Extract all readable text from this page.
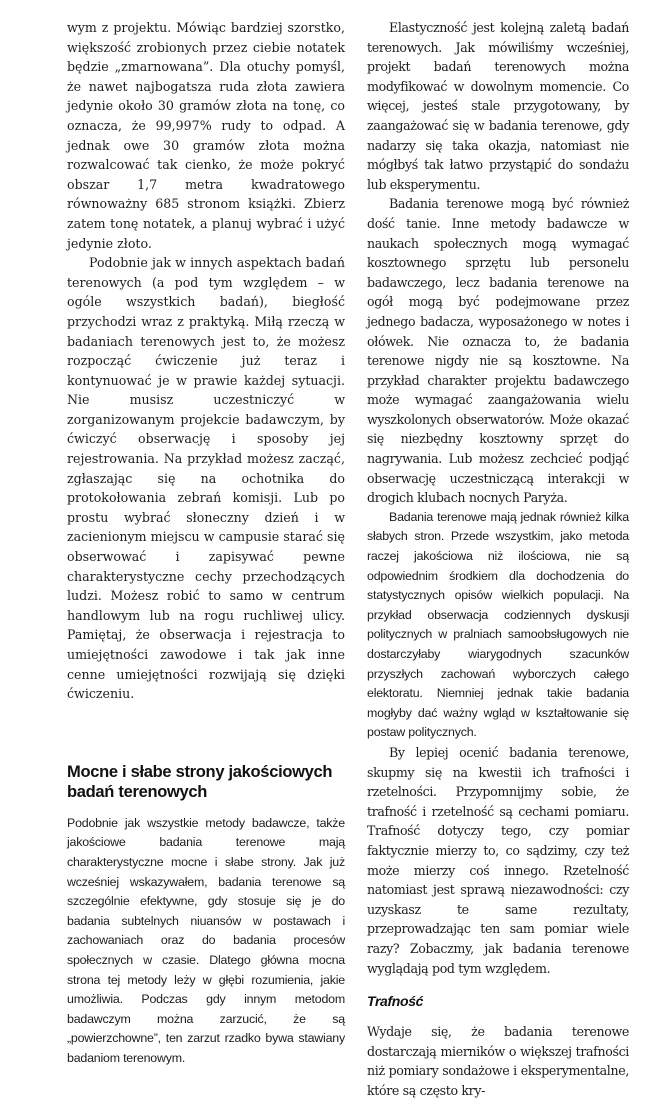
wym z projektu. Mówiąc bardziej szorstko, większość zrobionych przez ciebie notatek będzie „zmarnowana”. Dla otuchy pomyśl, że nawet najbogatsza ruda złota zawiera jedynie około 30 gramów złota na tonę, co oznacza, że 99,997% rudy to odpad. A jednak owe 30 gramów złota można rozwalcować tak cienko, że może pokryć obszar 1,7 metra kwadratowego równoważny 685 stronom książki. Zbierz zatem tonę notatek, a planuj wybrać i użyć jedynie złoto.

Podobnie jak w innych aspektach badań terenowych (a pod tym względem – w ogóle wszystkich badań), biegłość przychodzi wraz z praktyką. Miłą rzeczą w badaniach terenowych jest to, że możesz rozpocząć ćwiczenie już teraz i kontynuować je w prawie każdej sytuacji. Nie musisz uczestniczyć w zorganizowanym projekcie badawczym, by ćwiczyć obserwację i sposoby jej rejestrowania. Na przykład możesz zacząć, zgłaszając się na ochotnika do protokołowania zebrań komisji. Lub po prostu wybrać słoneczny dzień i w zacienionym miejscu w campusie starać się obserwować i zapisywać pewne charakterystyczne cechy przechodzących ludzi. Możesz robić to samo w centrum handlowym lub na rogu ruchliwej ulicy. Pamiętaj, że obserwacja i rejestracja to umiejętności zawodowe i tak jak inne cenne umiejętności rozwijają się dzięki ćwiczeniu.

Mocne i słabe strony jakościowych badań terenowych

Podobnie jak wszystkie metody badawcze, także jakościowe badania terenowe mają charakterystyczne mocne i słabe strony. Jak już wcześniej wskazywałem, badania terenowe są szczególnie efektywne, gdy stosuje się je do badania subtelnych niuansów w postawach i zachowaniach oraz do badania procesów społecznych w czasie. Dlatego główna mocna strona tej metody leży w głębi rozumienia, jakie umożliwia. Podczas gdy innym metodom badawczym można zarzucić, że są „powierzchowne”, ten zarzut rzadko bywa stawiany badaniom terenowym.

Elastyczność jest kolejną zaletą badań terenowych. Jak mówiliśmy wcześniej, projekt badań terenowych można modyfikować w dowolnym momencie. Co więcej, jesteś stale przygotowany, by zaangażować się w badania terenowe, gdy nadarzy się taka okazja, natomiast nie mógłbyś tak łatwo przystąpić do sondażu lub eksperymentu.

Badania terenowe mogą być również dość tanie. Inne metody badawcze w naukach społecznych mogą wymagać kosztownego sprzętu lub personelu badawczego, lecz badania terenowe na ogół mogą być podejmowane przez jednego badacza, wyposażonego w notes i ołówek. Nie oznacza to, że badania terenowe nigdy nie są kosztowne. Na przykład charakter projektu badawczego może wymagać zaangażowania wielu wyszkolonych obserwatorów. Może okazać się niezbędny kosztowny sprzęt do nagrywania. Lub możesz zechcieć podjąć obserwację uczestniczącą interakcji w drogich klubach nocnych Paryża.

Badania terenowe mają jednak również kilka słabych stron. Przede wszystkim, jako metoda raczej jakościowa niż ilościowa, nie są odpowiednim środkiem dla dochodzenia do statystycznych opisów wielkich populacji. Na przykład obserwacja codziennych dyskusji politycznych w pralniach samoobsługowych nie dostarczyłaby wiarygodnych szacunków przyszłych zachowań wyborczych całego elektoratu. Niemniej jednak takie badania mogłyby dać ważny wgląd w kształtowanie się postaw politycznych.

By lepiej ocenić badania terenowe, skupmy się na kwestii ich trafności i rzetelności. Przypomnijmy sobie, że trafność i rzetelność są cechami pomiaru. Trafność dotyczy tego, czy pomiar faktycznie mierzy to, co sądzimy, czy też może mierzy coś innego. Rzetelność natomiast jest sprawą niezawodności: czy uzyskasz te same rezultaty, przeprowadzając ten sam pomiar wiele razy? Zobaczmy, jak badania terenowe wyglądają pod tym względem.

Trafność

Wydaje się, że badania terenowe dostarczają mierników o większej trafności niż pomiary sondażowe i eksperymentalne, które są często kry-
